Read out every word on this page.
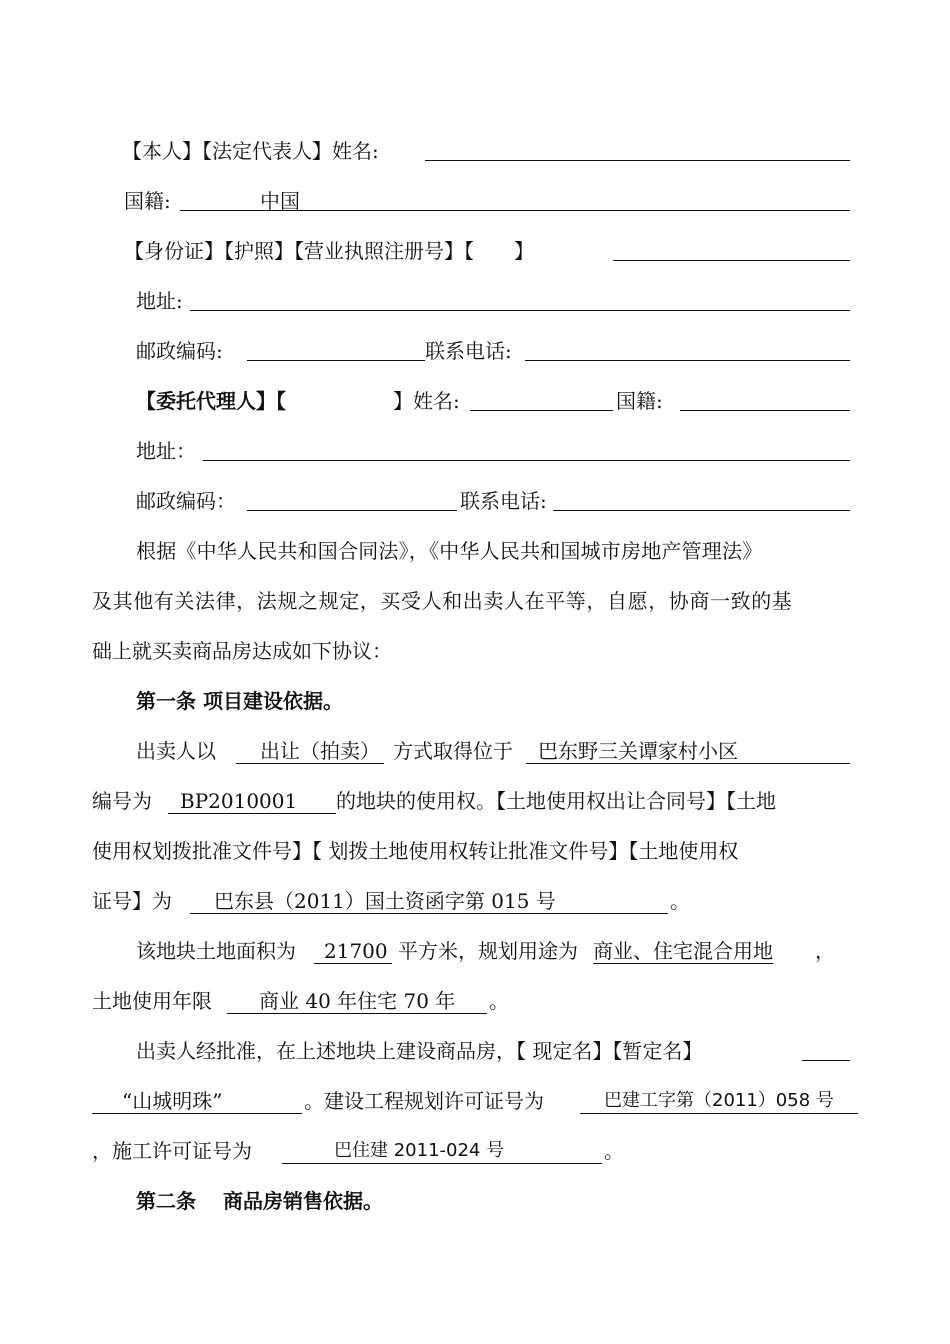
【本人】【法定代表人】姓名:
国籍:	中国
【身份证】【护照】【营业执照注册号】【　　】
地址:
邮政编码:	联系电话:
【委托代理人】【	】姓名:	国籍:
地址：
邮政编码：	联系电话:
根据《中华人民共和国合同法》，《中华人民共和国城市房地产管理法》
及其他有关法律，法规之规定，买受人和出卖人在平等，自愿，协商一致的基
础上就买卖商品房达成如下协议：
第一条 项目建设依据。
出卖人以	出让（拍卖） 方式取得位于	巴东野三关谭家村小区
编号为	BP2010001	的地块的使用权。【土地使用权出让合同号】【土地
使用权划拨批准文件号】【 划拨土地使用权转让批准文件号】【土地使用权
证号】为	巴东县（2011）国土资函字第 015 号	。
该地块土地面积为	21700 平方米，规划用途为 商业、住宅混合用地 ，
土地使用年限	商业 40 年住宅 70 年	。
出卖人经批准，在上述地块上建设商品房，【 现定名】【暂定名】
“山城明珠”	。建设工程规划许可证号为	巴建工字第（2011）058 号
，施工许可证号为	巴住建 2011-024 号	。
第二条　 商品房销售依据。
